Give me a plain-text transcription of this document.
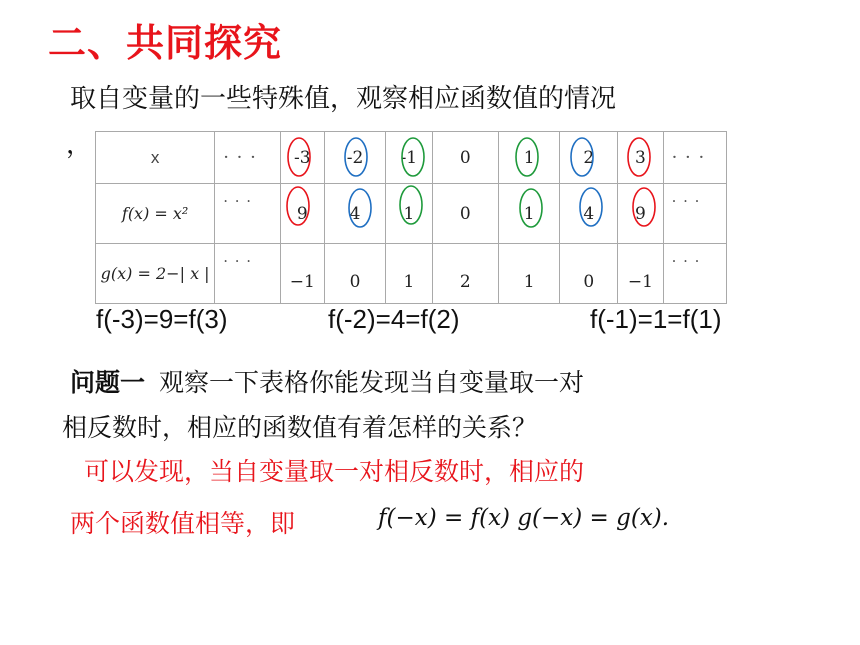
二、共同探究
取自变量的一些特殊值，观察相应函数值的情况
，	x	· · ·	-3	-2	-1	0	1	2	3	· · ·
f(x) = x²	· · ·	9	4	1	0	1	4	9	· · ·
g(x) = 2−| x |	· · ·	−1	0	1	2	1	0	−1	· · ·
f(-3)=9=f(3)	f(-2)=4=f(2)	f(-1)=1=f(1)
问题一 观察一下表格你能发现当自变量取一对
相反数时，相应的函数值有着怎样的关系？
可以发现，当自变量取一对相反数时，相应的
两个函数值相等，即	f(−x) = f(x) g(−x) = g(x).
